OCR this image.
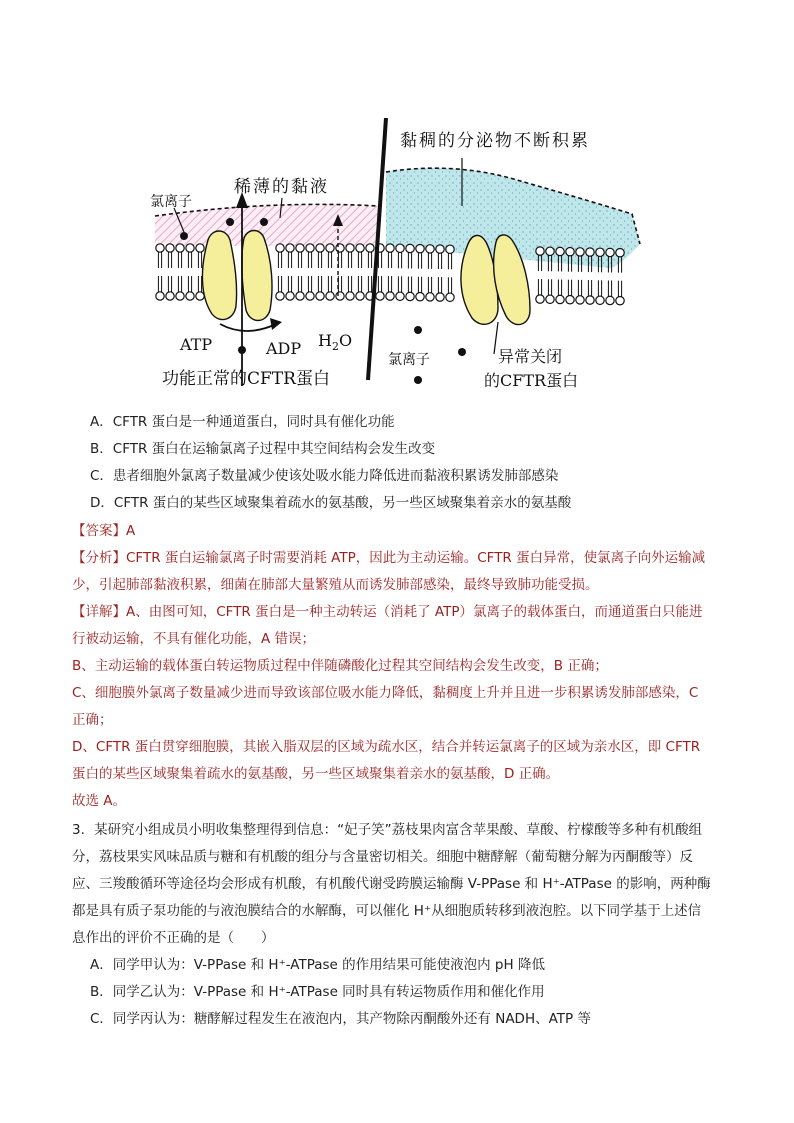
黏稠的分泌物不断积累
稀薄的黏液
氯离子
氯离子
ATP	ADP $H_2O$
功能正常的CFTR蛋白
异常关闭
的CFTR蛋白
A．CFTR 蛋白是一种通道蛋白，同时具有催化功能
B．CFTR 蛋白在运输氯离子过程中其空间结构会发生改变
C．患者细胞外氯离子数量减少使该处吸水能力降低进而黏液积累诱发肺部感染
D．CFTR 蛋白的某些区域聚集着疏水的氨基酸，另一些区域聚集着亲水的氨基酸
【答案】A
【分析】CFTR 蛋白运输氯离子时需要消耗 ATP，因此为主动运输。CFTR 蛋白异常，使氯离子向外运输减
少，引起肺部黏液积累，细菌在肺部大量繁殖从而诱发肺部感染，最终导致肺功能受损。
【详解】A、由图可知，CFTR 蛋白是一种主动转运（消耗了 ATP）氯离子的载体蛋白，而通道蛋白只能进
行被动运输，不具有催化功能，A 错误；
B、主动运输的载体蛋白转运物质过程中伴随磷酸化过程其空间结构会发生改变，B 正确；
C、细胞膜外氯离子数量减少进而导致该部位吸水能力降低，黏稠度上升并且进一步积累诱发肺部感染，C
正确；
D、CFTR 蛋白贯穿细胞膜，其嵌入脂双层的区域为疏水区，结合并转运氯离子的区域为亲水区，即 CFTR
蛋白的某些区域聚集着疏水的氨基酸，另一些区域聚集着亲水的氨基酸，D 正确。
故选 A。
3．某研究小组成员小明收集整理得到信息：“妃子笑”荔枝果肉富含苹果酸、草酸、柠檬酸等多种有机酸组
分，荔枝果实风味品质与糖和有机酸的组分与含量密切相关。细胞中糖酵解（葡萄糖分解为丙酮酸等）反
应、三羧酸循环等途径均会形成有机酸，有机酸代谢受跨膜运输酶 V-PPase 和 H⁺-ATPase 的影响，两种酶
都是具有质子泵功能的与液泡膜结合的水解酶，可以催化 H⁺从细胞质转移到液泡腔。以下同学基于上述信
息作出的评价不正确的是（　　）
A．同学甲认为：V-PPase 和 H⁺-ATPase 的作用结果可能使液泡内 pH 降低
B．同学乙认为：V-PPase 和 H⁺-ATPase 同时具有转运物质作用和催化作用
C．同学丙认为：糖酵解过程发生在液泡内，其产物除丙酮酸外还有 NADH、ATP 等
